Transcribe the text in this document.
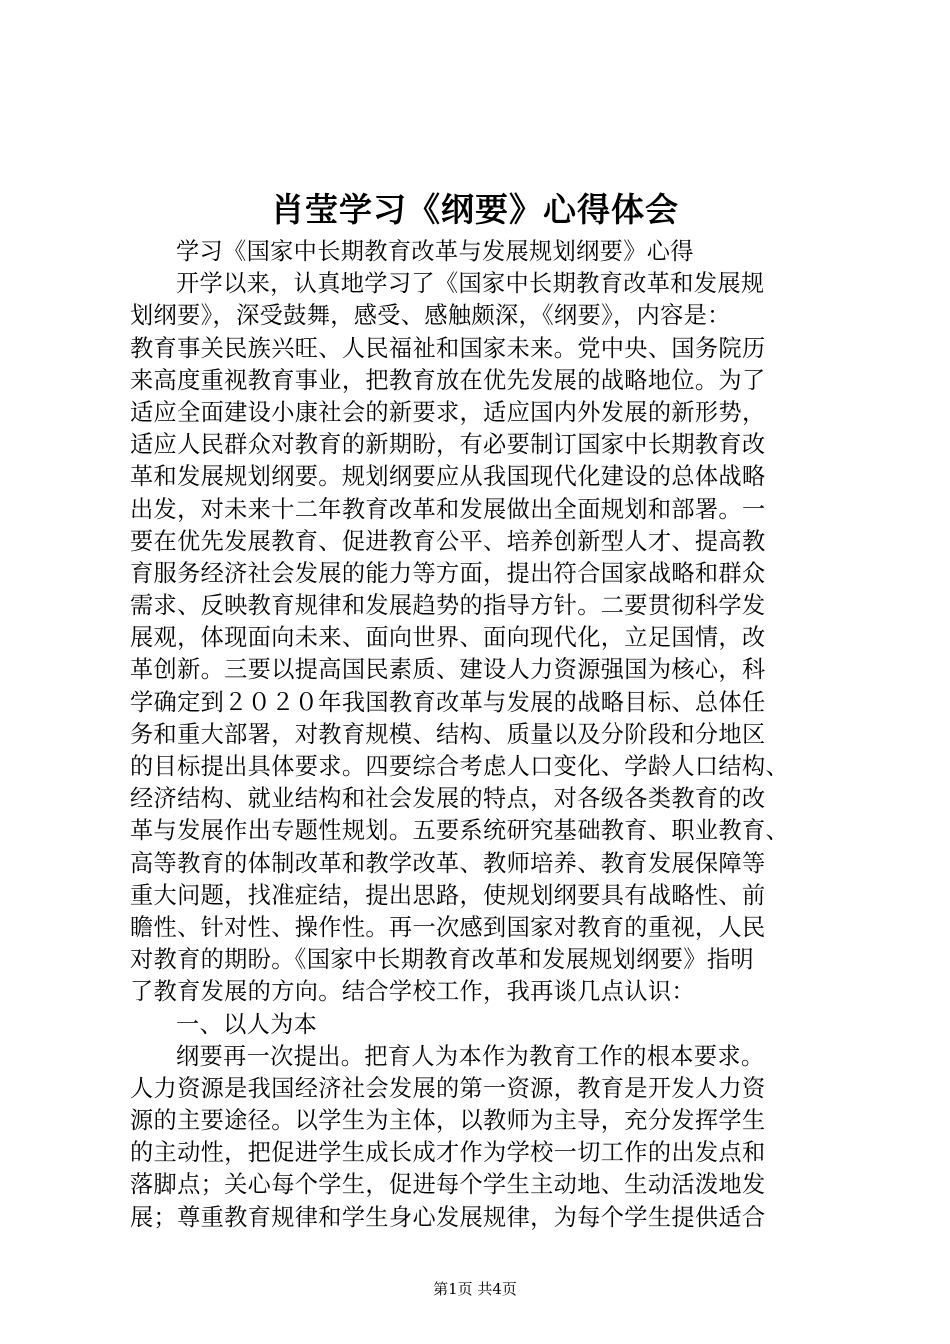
肖莹学习《纲要》心得体会
学习《国家中长期教育改革与发展规划纲要》心得
开学以来，认真地学习了《国家中长期教育改革和发展规
划纲要》，深受鼓舞，感受、感触颇深，《纲要》，内容是：
教育事关民族兴旺、人民福祉和国家未来。党中央、国务院历
来高度重视教育事业，把教育放在优先发展的战略地位。为了
适应全面建设小康社会的新要求，适应国内外发展的新形势，
适应人民群众对教育的新期盼，有必要制订国家中长期教育改
革和发展规划纲要。规划纲要应从我国现代化建设的总体战略
出发，对未来十二年教育改革和发展做出全面规划和部署。一
要在优先发展教育、促进教育公平、培养创新型人才、提高教
育服务经济社会发展的能力等方面，提出符合国家战略和群众
需求、反映教育规律和发展趋势的指导方针。二要贯彻科学发
展观，体现面向未来、面向世界、面向现代化，立足国情，改
革创新。三要以提高国民素质、建设人力资源强国为核心，科
学确定到２０２０年我国教育改革与发展的战略目标、总体任
务和重大部署，对教育规模、结构、质量以及分阶段和分地区
的目标提出具体要求。四要综合考虑人口变化、学龄人口结构、
经济结构、就业结构和社会发展的特点，对各级各类教育的改
革与发展作出专题性规划。五要系统研究基础教育、职业教育、
高等教育的体制改革和教学改革、教师培养、教育发展保障等
重大问题，找准症结，提出思路，使规划纲要具有战略性、前
瞻性、针对性、操作性。再一次感到国家对教育的重视，人民
对教育的期盼。《国家中长期教育改革和发展规划纲要》指明
了教育发展的方向。结合学校工作，我再谈几点认识：
一、以人为本
纲要再一次提出。把育人为本作为教育工作的根本要求。
人力资源是我国经济社会发展的第一资源，教育是开发人力资
源的主要途径。以学生为主体，以教师为主导，充分发挥学生
的主动性，把促进学生成长成才作为学校一切工作的出发点和
落脚点；关心每个学生，促进每个学生主动地、生动活泼地发
展；尊重教育规律和学生身心发展规律，为每个学生提供适合
第1页 共4页
